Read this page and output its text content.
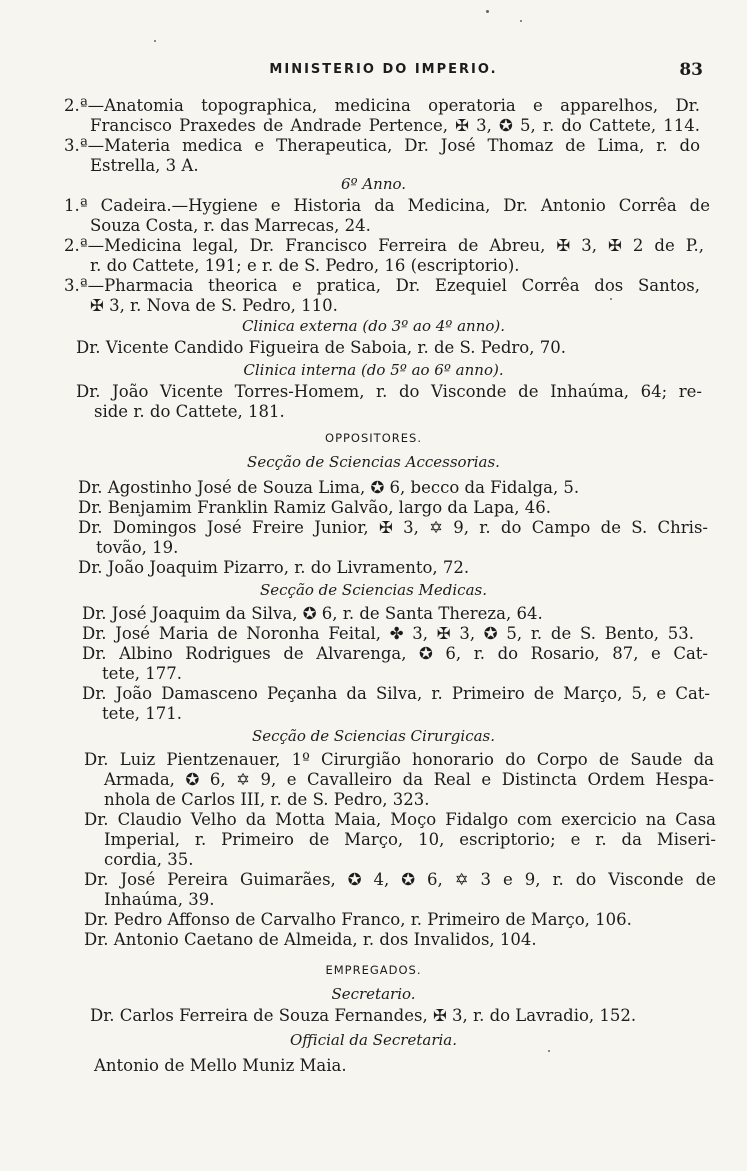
MINISTERIO DO IMPERIO.	83
2.ª—Anatomia topographica, medicina operatoria e apparelhos, Dr.
Francisco Praxedes de Andrade Pertence, ✠ 3, ✪ 5, r. do Cattete, 114.
3.ª—Materia medica e Therapeutica, Dr. José Thomaz de Lima, r. do
Estrella, 3 A.
6º Anno.
1.ª Cadeira.—Hygiene e Historia da Medicina, Dr. Antonio Corrêa de
Souza Costa, r. das Marrecas, 24.
2.ª—Medicina legal, Dr. Francisco Ferreira de Abreu, ✠ 3, ✠ 2 de P.,
r. do Cattete, 191; e r. de S. Pedro, 16 (escriptorio).
3.ª—Pharmacia theorica e pratica, Dr. Ezequiel Corrêa dos Santos,
✠ 3, r. Nova de S. Pedro, 110.
Clinica externa (do 3º ao 4º anno).
Dr. Vicente Candido Figueira de Saboia, r. de S. Pedro, 70.
Clinica interna (do 5º ao 6º anno).
Dr. João Vicente Torres-Homem, r. do Visconde de Inhaúma, 64; re-
side r. do Cattete, 181.
OPPOSITORES.
Secção de Sciencias Accessorias.
Dr. Agostinho José de Souza Lima, ✪ 6, becco da Fidalga, 5.
Dr. Benjamim Franklin Ramiz Galvão, largo da Lapa, 46.
Dr. Domingos José Freire Junior, ✠ 3, ✡ 9, r. do Campo de S. Chris-
tovão, 19.
Dr. João Joaquim Pizarro, r. do Livramento, 72.
Secção de Sciencias Medicas.
Dr. José Joaquim da Silva, ✪ 6, r. de Santa Thereza, 64.
Dr. José Maria de Noronha Feital, ✤ 3, ✠ 3, ✪ 5, r. de S. Bento, 53.
Dr. Albino Rodrigues de Alvarenga, ✪ 6, r. do Rosario, 87, e Cat-
tete, 177.
Dr. João Damasceno Peçanha da Silva, r. Primeiro de Março, 5, e Cat-
tete, 171.
Secção de Sciencias Cirurgicas.
Dr. Luiz Pientzenauer, 1º Cirurgião honorario do Corpo de Saude da
Armada, ✪ 6, ✡ 9, e Cavalleiro da Real e Distincta Ordem Hespa-
nhola de Carlos III, r. de S. Pedro, 323.
Dr. Claudio Velho da Motta Maia, Moço Fidalgo com exercicio na Casa
Imperial, r. Primeiro de Março, 10, escriptorio; e r. da Miseri-
cordia, 35.
Dr. José Pereira Guimarães, ✪ 4, ✪ 6, ✡ 3 e 9, r. do Visconde de
Inhaúma, 39.
Dr. Pedro Affonso de Carvalho Franco, r. Primeiro de Março, 106.
Dr. Antonio Caetano de Almeida, r. dos Invalidos, 104.
EMPREGADOS.
Secretario.
Dr. Carlos Ferreira de Souza Fernandes, ✠ 3, r. do Lavradio, 152.
Official da Secretaria.
Antonio de Mello Muniz Maia.
